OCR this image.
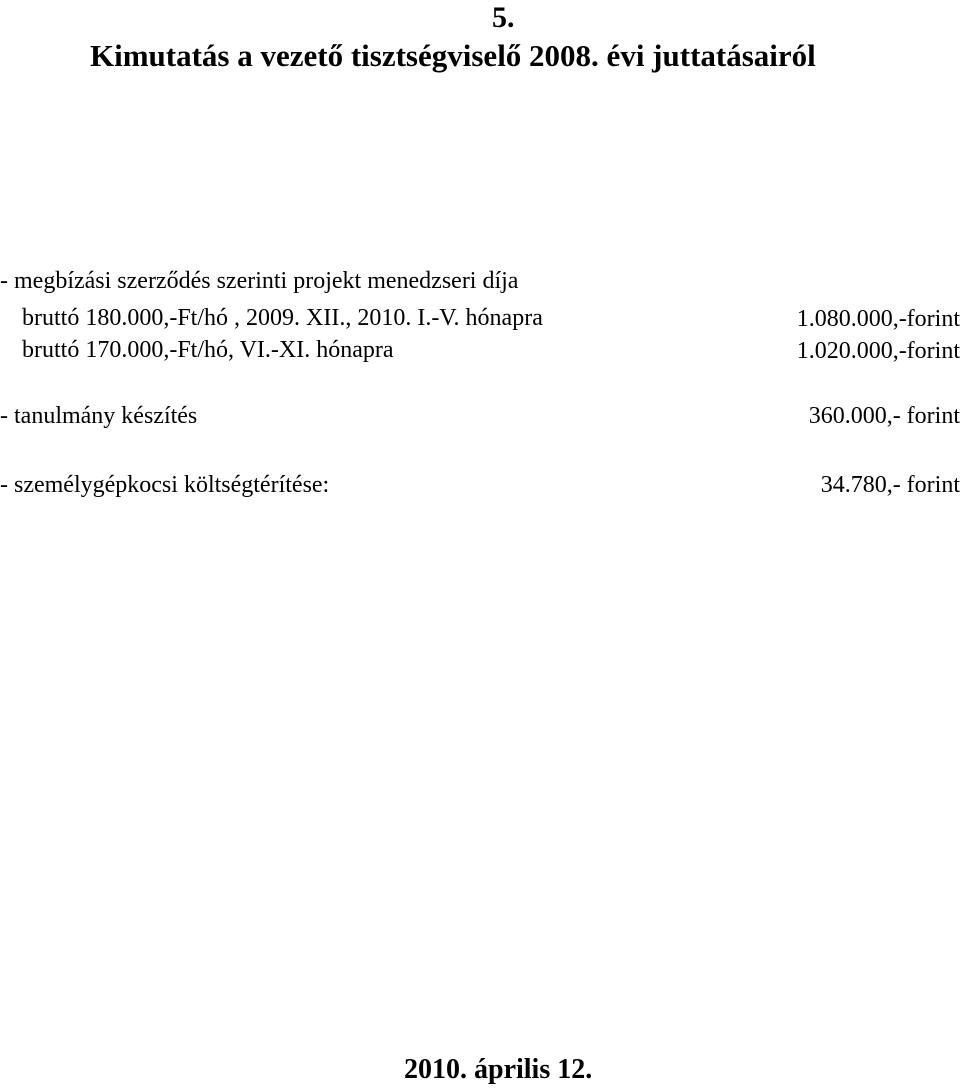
5.
Kimutatás a vezető tisztségviselő 2008. évi juttatásairól
- megbízási szerződés szerinti projekt menedzseri díja
bruttó 180.000,-Ft/hó , 2009. XII., 2010. I.-V. hónapra	1.080.000,-forint
bruttó 170.000,-Ft/hó, VI.-XI. hónapra	1.020.000,-forint
- tanulmány készítés	360.000,- forint
- személygépkocsi költségtérítése:	34.780,- forint
2010. április 12.
